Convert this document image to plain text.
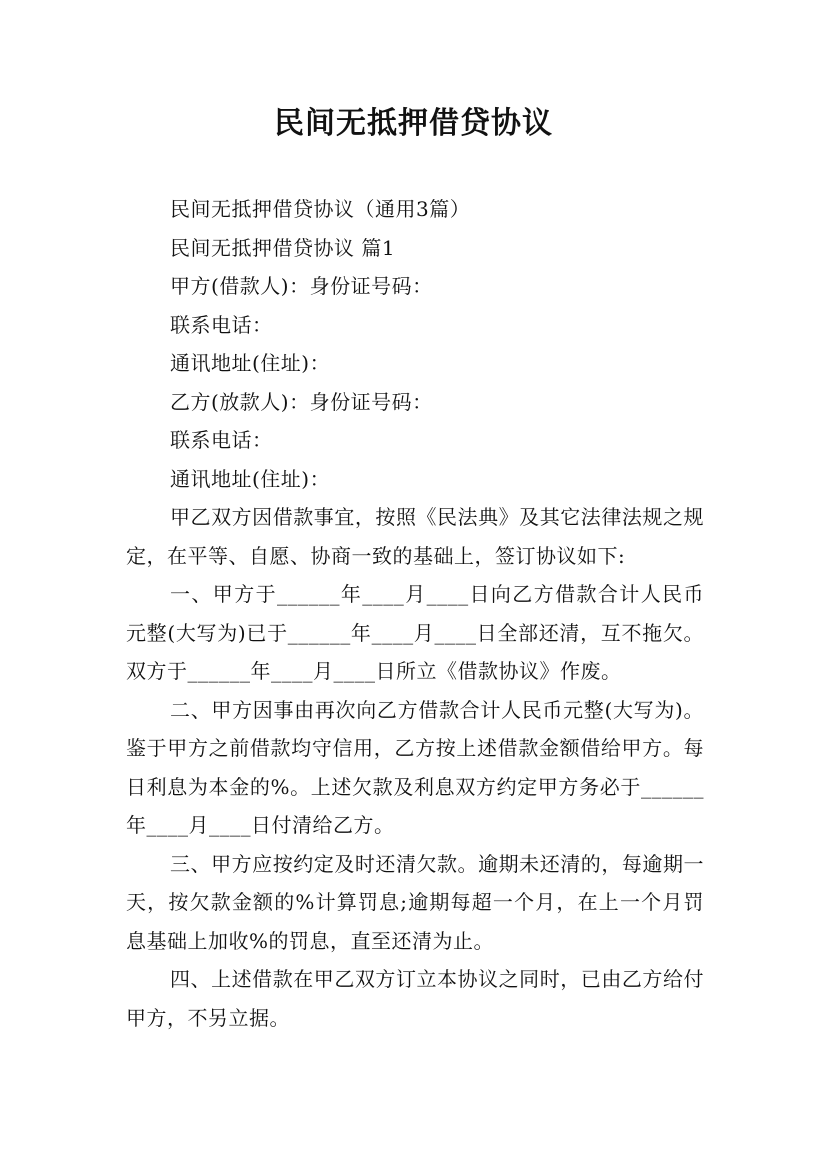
民间无抵押借贷协议

民间无抵押借贷协议（通用3篇）

民间无抵押借贷协议 篇1

甲方(借款人)：身份证号码：

联系电话：

通讯地址(住址)：

乙方(放款人)：身份证号码：

联系电话：

通讯地址(住址)：

甲乙双方因借款事宜，按照《民法典》及其它法律法规之规定，在平等、自愿、协商一致的基础上，签订协议如下:

一、甲方于______年____月____日向乙方借款合计人民币元整(大写为)已于______年____月____日全部还清，互不拖欠。双方于______年____月____日所立《借款协议》作废。

二、甲方因事由再次向乙方借款合计人民币元整(大写为)。鉴于甲方之前借款均守信用，乙方按上述借款金额借给甲方。每日利息为本金的%。上述欠款及利息双方约定甲方务必于______年____月____日付清给乙方。

三、甲方应按约定及时还清欠款。逾期未还清的，每逾期一天，按欠款金额的%计算罚息;逾期每超一个月，在上一个月罚息基础上加收%的罚息，直至还清为止。

四、上述借款在甲乙双方订立本协议之同时，已由乙方给付甲方，不另立据。
